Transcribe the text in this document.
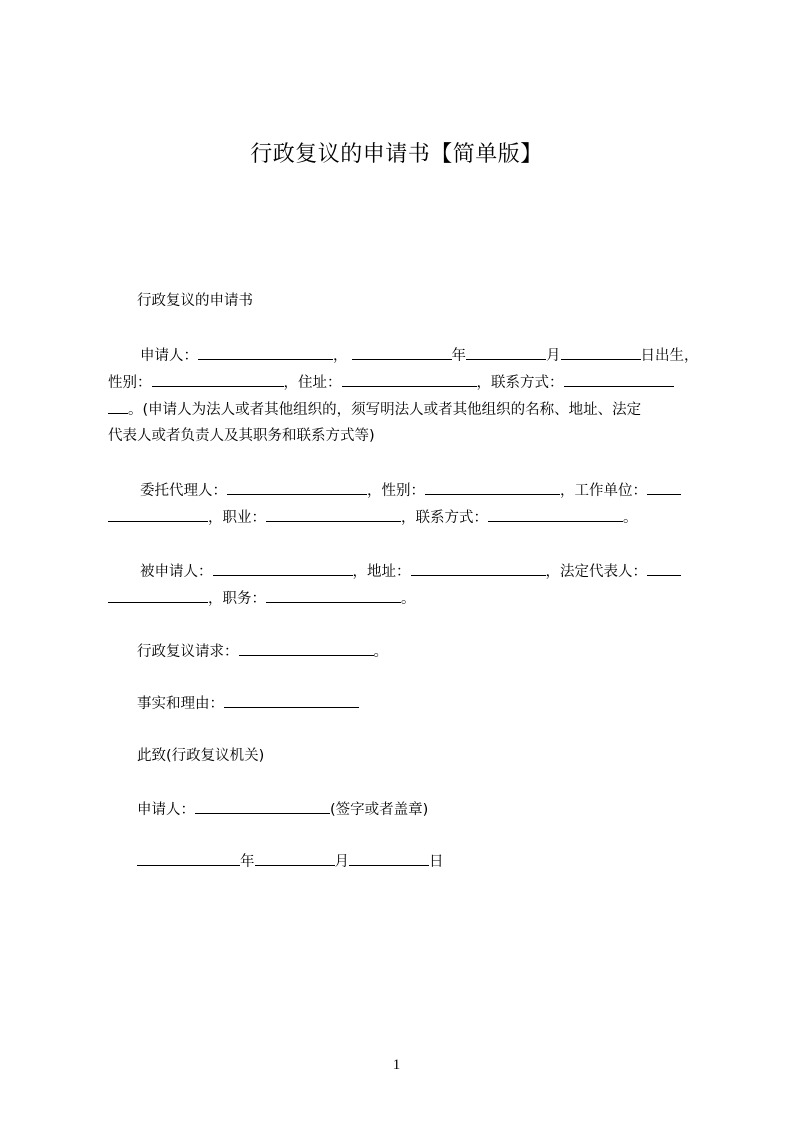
行政复议的申请书【简单版】
行政复议的申请书
申请人：	，	年	月	日出生，
性别：	，住址：	，联系方式：
。(申请人为法人或者其他组织的，须写明法人或者其他组织的名称、地址、法定
代表人或者负责人及其职务和联系方式等)
委托代理人：	，性别：	，工作单位：
，职业：	，联系方式：	。
被申请人：	，地址：	，法定代表人：
，职务：	。
行政复议请求：	。
事实和理由：
此致(行政复议机关)
申请人：	(签字或者盖章)
年	月	日
1
